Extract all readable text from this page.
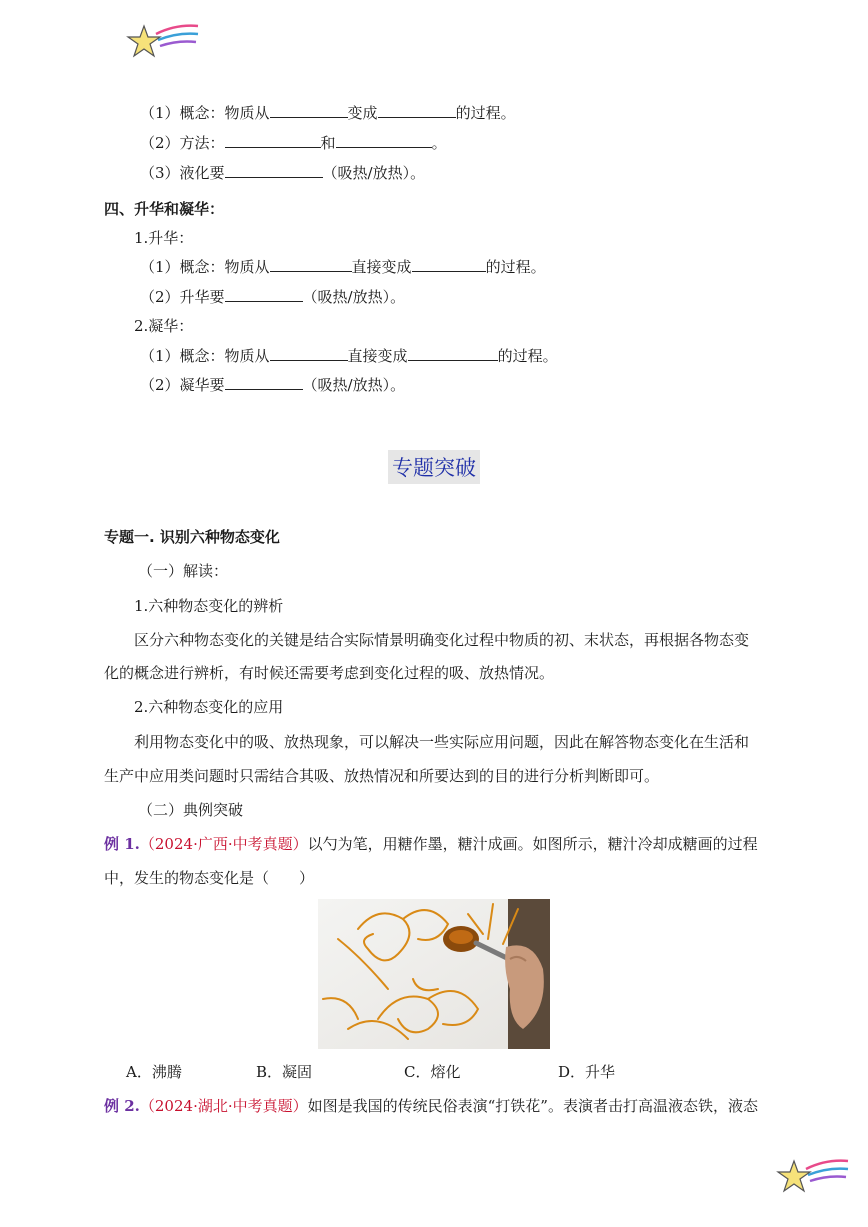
（1）概念：物质从	变成	的过程。
（2）方法：	和	。
（3）液化要	（吸热/放热）。
四、升华和凝华：
1.升华：
（1）概念：物质从	直接变成	的过程。
（2）升华要	（吸热/放热）。
2.凝华：
（1）概念：物质从	直接变成	的过程。
（2）凝华要	（吸热/放热）。
专题突破
专题一. 识别六种物态变化
（一）解读：
1.六种物态变化的辨析
区分六种物态变化的关键是结合实际情景明确变化过程中物质的初、末状态，再根据各物态变
化的概念进行辨析，有时候还需要考虑到变化过程的吸、放热情况。
2.六种物态变化的应用
利用物态变化中的吸、放热现象，可以解决一些实际应用问题，因此在解答物态变化在生活和
生产中应用类问题时只需结合其吸、放热情况和所要达到的目的进行分析判断即可。
（二）典例突破
例 1.（2024·广西·中考真题）以勺为笔，用糖作墨，糖汁成画。如图所示，糖汁冷却成糖画的过程
中，发生的物态变化是（　　）
A．沸腾	B．凝固	C．熔化	D．升华
例 2.（2024·湖北·中考真题）如图是我国的传统民俗表演“打铁花”。表演者击打高温液态铁，液态
